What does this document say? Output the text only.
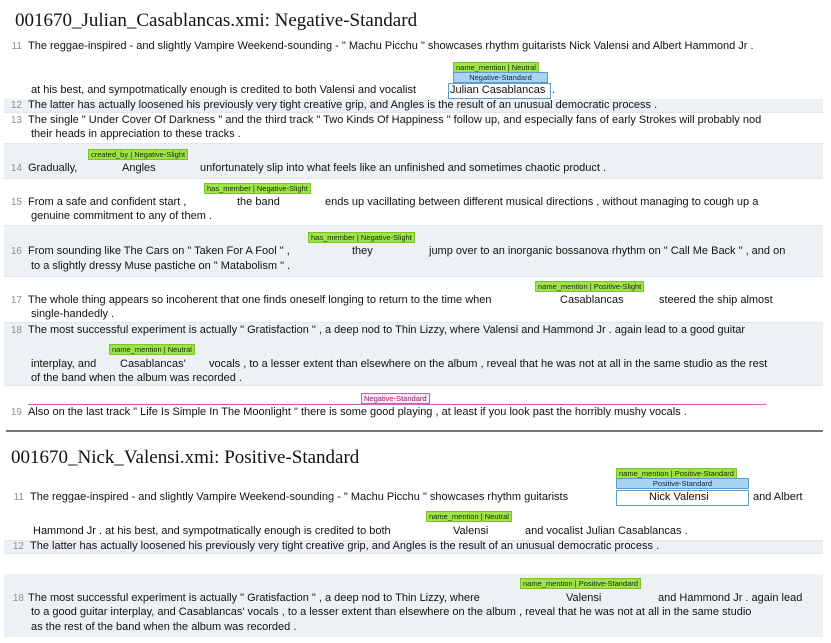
001670_Julian_Casablancas.xmi: Negative-Standard
11 The reggae-inspired - and slightly Vampire Weekend-sounding - " Machu Picchu " showcases rhythm guitarists Nick Valensi and Albert Hammond Jr .
name_mention | Neutral
Negative-Standard
at his best, and sympotmatically enough is credited to both Valensi and vocalist	Julian Casablancas .
12 The latter has actually loosened his previously very tight creative grip, and Angles is the result of an unusual democratic process .
13 The single " Under Cover Of Darkness " and the third track " Two Kinds Of Happiness " follow up, and especially fans of early Strokes will probably nod
their heads in appreciation to these tracks .
14
created_by | Negative-Slight
Gradually,	Angles	unfortunately slip into what feels like an unfinished and sometimes chaotic product .
15
has_member | Negative-Slight
From a safe and confident start ,	the band	ends up vacillating between different musical directions , without managing to cough up a
genuine commitment to any of them .
16
has_member | Negative-Slight
From sounding like The Cars on " Taken For A Fool " ,	they	jump over to an inorganic bossanova rhythm on " Call Me Back " , and on
to a slightly dressy Muse pastiche on " Matabolism " .
17
name_mention | Positive-Slight
The whole thing appears so incoherent that one finds oneself longing to return to the time when	Casablancas	steered the ship almost
single-handedly .
18 The most successful experiment is actually " Gratisfaction " , a deep nod to Thin Lizzy, where Valensi and Hammond Jr . again lead to a good guitar
name_mention | Neutral
interplay, and Casablancas' vocals , to a lesser extent than elsewhere on the album , reveal that he was not at all in the same studio as the rest
of the band when the album was recorded .
19
Negative-Standard
Also on the last track " Life Is Simple In The Moonlight " there is some good playing , at least if you look past the horribly mushy vocals .
001670_Nick_Valensi.xmi: Positive-Standard
11
name_mention | Positive-Standard
Positive-Standard
The reggae-inspired - and slightly Vampire Weekend-sounding - " Machu Picchu " showcases rhythm guitarists	Nick Valensi	and Albert
name_mention | Neutral
Hammond Jr . at his best, and sympotmatically enough is credited to both	Valensi	and vocalist Julian Casablancas .
12 The latter has actually loosened his previously very tight creative grip, and Angles is the result of an unusual democratic process .
18
name_mention | Positive-Standard
The most successful experiment is actually " Gratisfaction " , a deep nod to Thin Lizzy, where	Valensi	and Hammond Jr . again lead
to a good guitar interplay, and Casablancas' vocals , to a lesser extent than elsewhere on the album , reveal that he was not at all in the same studio
as the rest of the band when the album was recorded .
